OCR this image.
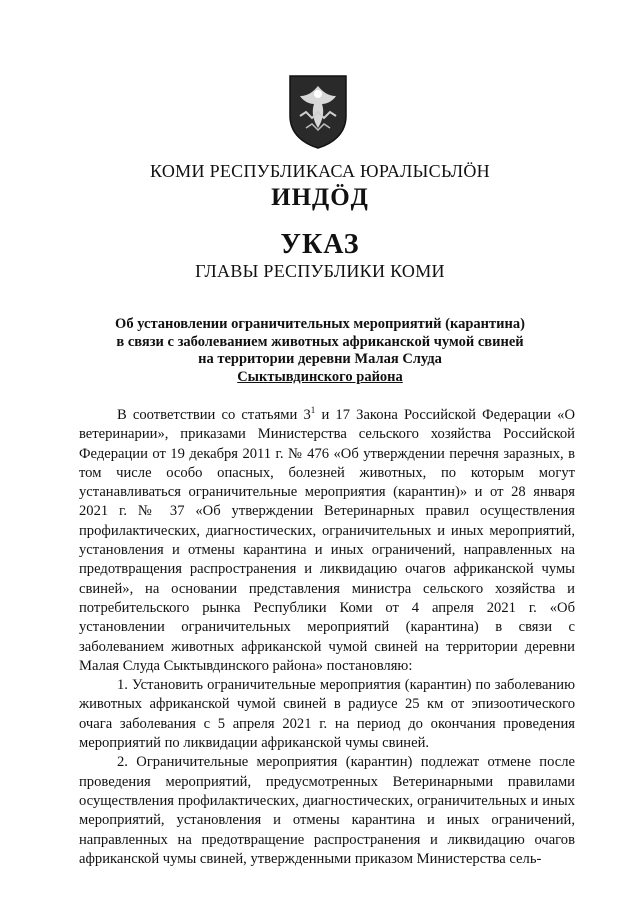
КОМИ РЕСПУБЛИКАСА ЮРАЛЫСЬЛӦН
ИНДӦД
УКАЗ
ГЛАВЫ РЕСПУБЛИКИ КОМИ
Об установлении ограничительных мероприятий (карантина)
в связи с заболеванием животных африканской чумой свиней
на территории деревни Малая Слуда
Сыктывдинского района

В соответствии со статьями $3^1$ и 17 Закона Российской Федерации «О ветеринарии», приказами Министерства сельского хозяйства Российской Федерации от 19 декабря 2011 г. № 476 «Об утверждении перечня заразных, в том числе особо опасных, болезней животных, по которым могут устанавливаться ограничительные мероприятия (карантин)» и от 28 января 2021 г. № 37 «Об утверждении Ветеринарных правил осуществления профилактических, диагностических, ограничительных и иных мероприятий, установления и отмены карантина и иных ограничений, направленных на предотвращения распространения и ликвидацию очагов африканской чумы свиней», на основании представления министра сельского хозяйства и потребительского рынка Республики Коми от 4 апреля 2021 г. «Об установлении ограничительных мероприятий (карантина) в связи с заболеванием животных африканской чумой свиней на территории деревни Малая Слуда Сыктывдинского района» постановляю:

1. Установить ограничительные мероприятия (карантин) по заболеванию животных африканской чумой свиней в радиусе 25 км от эпизоотического очага заболевания с 5 апреля 2021 г. на период до окончания проведения мероприятий по ликвидации африканской чумы свиней.

2. Ограничительные мероприятия (карантин) подлежат отмене после проведения мероприятий, предусмотренных Ветеринарными правилами осуществления профилактических, диагностических, ограничительных и иных мероприятий, установления и отмены карантина и иных ограничений, направленных на предотвращение распространения и ликвидацию очагов африканской чумы свиней, утвержденными приказом Министерства сель-
